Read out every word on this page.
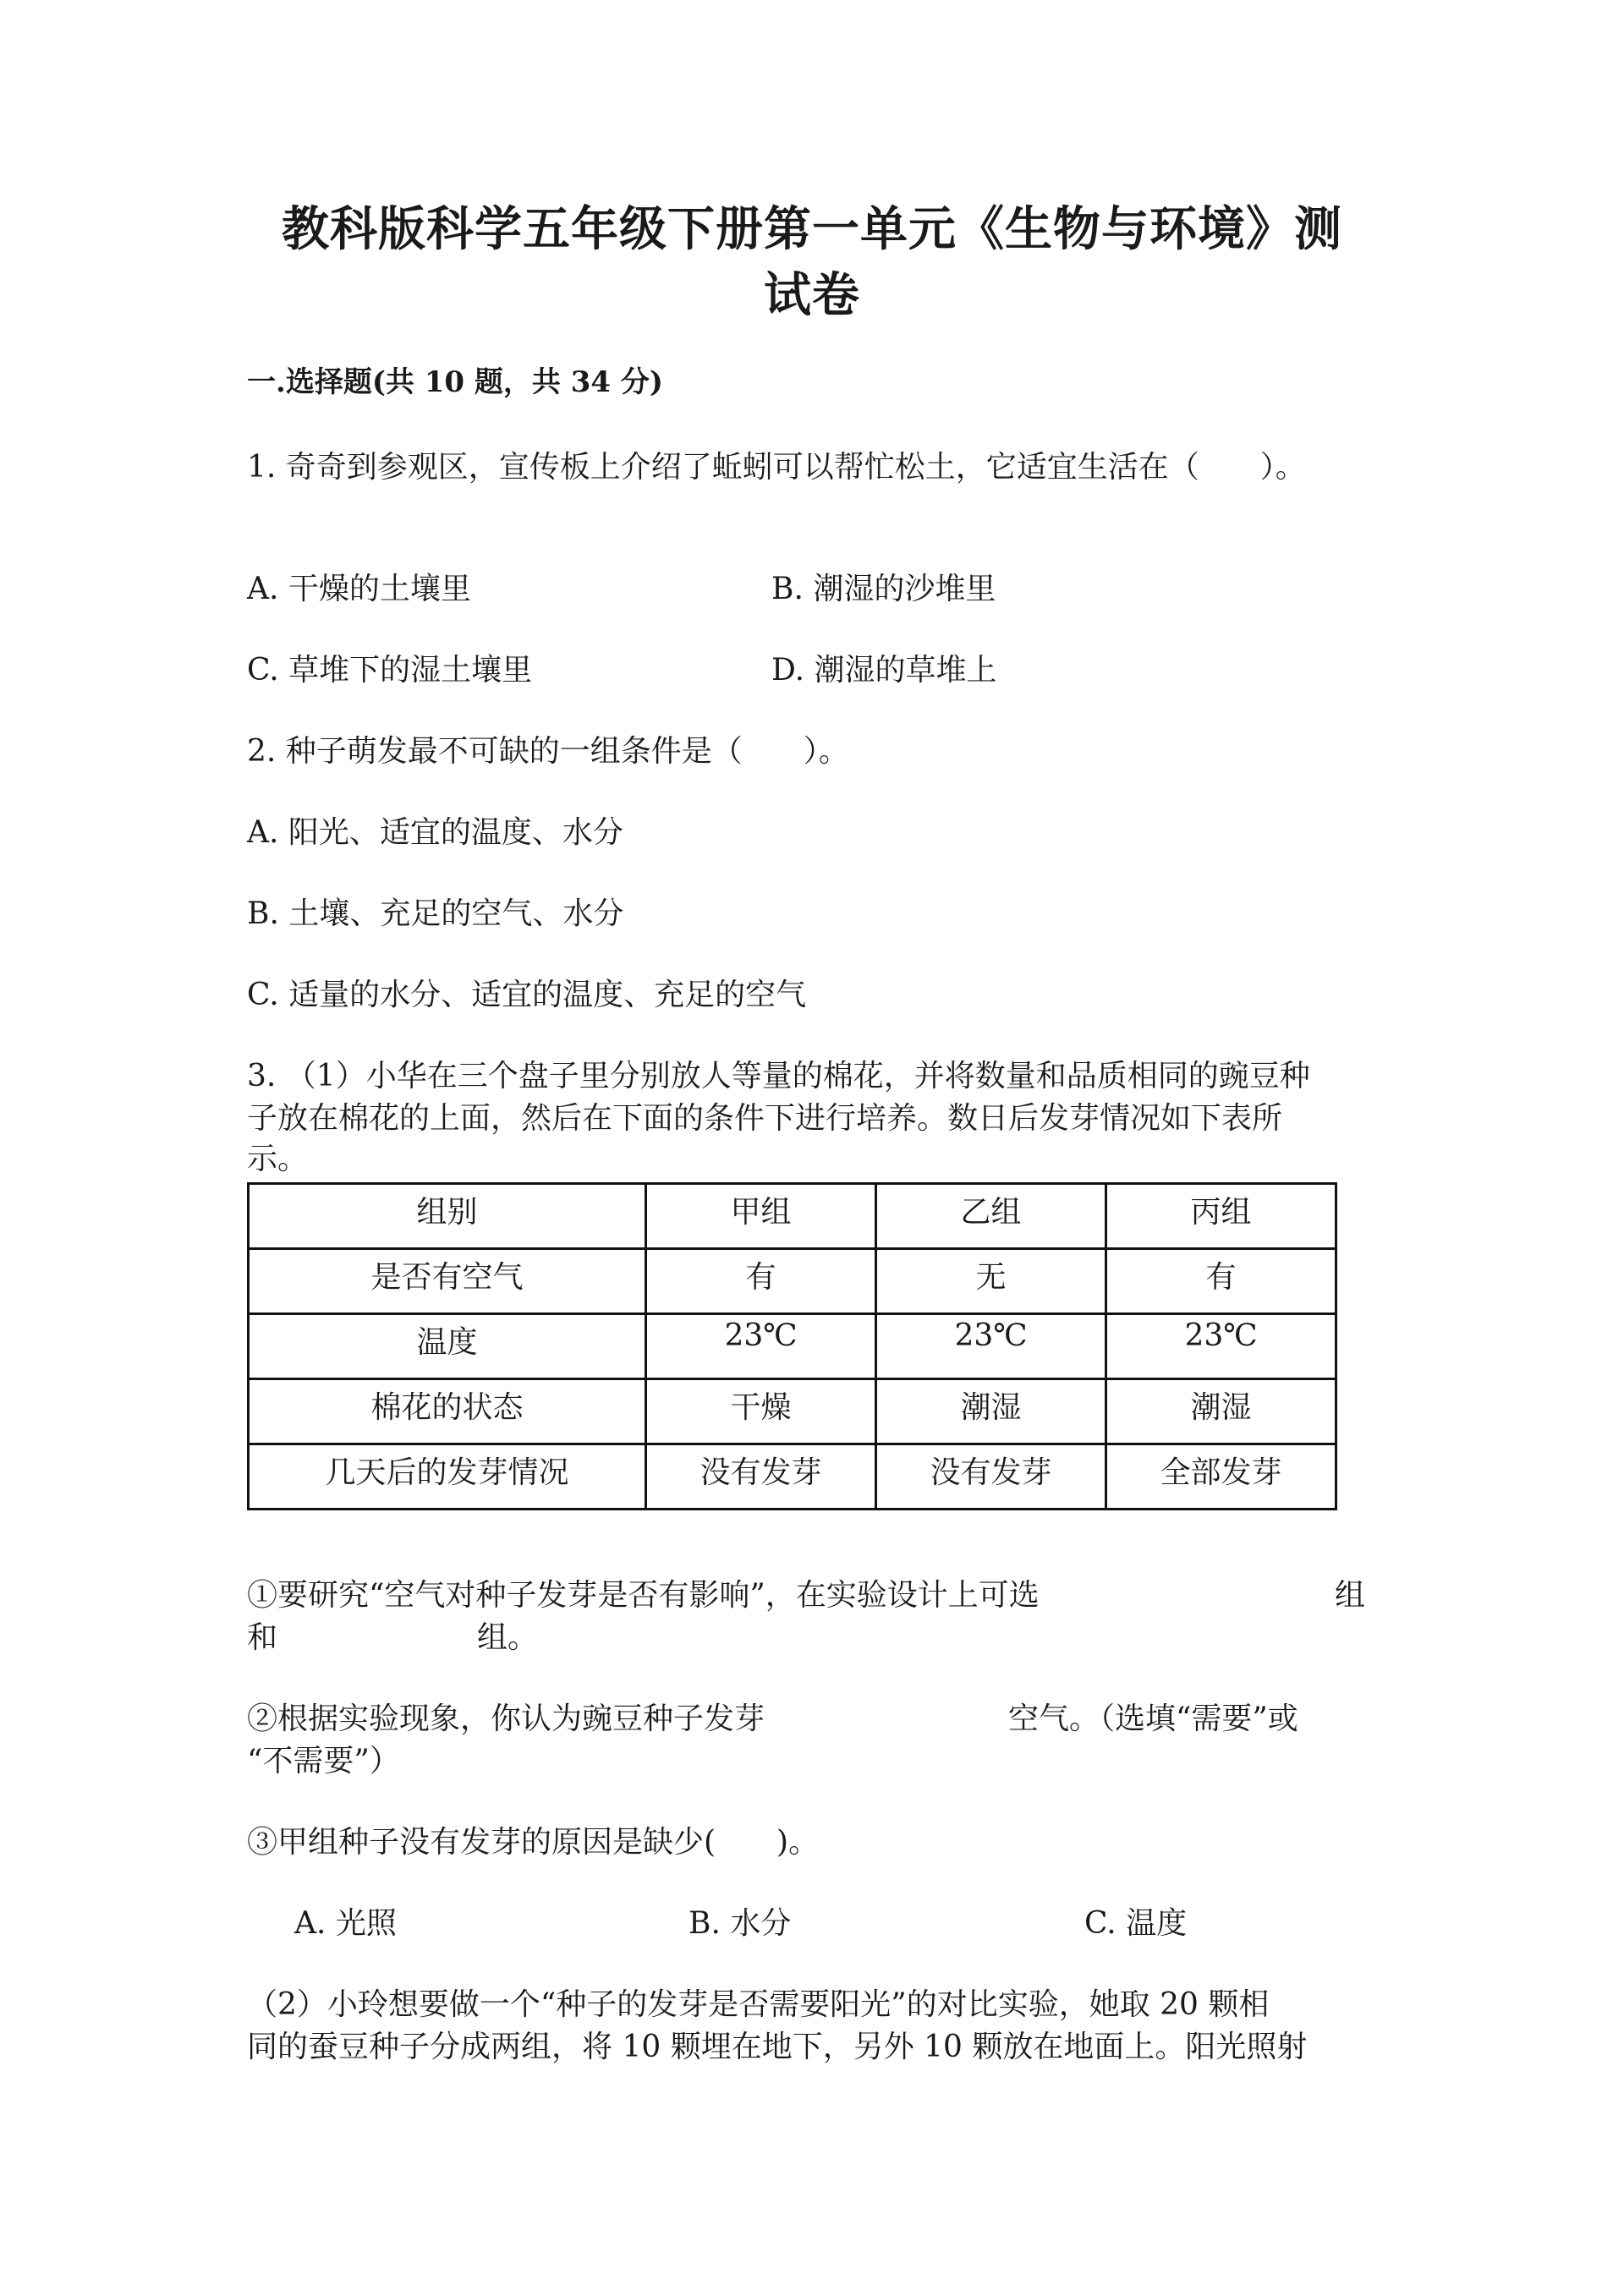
教科版科学五年级下册第一单元《生物与环境》测
试卷
一.选择题(共 10 题，共 34 分)
1. 奇奇到参观区，宣传板上介绍了蚯蚓可以帮忙松土，它适宜生活在（　　）。
A. 干燥的土壤里	B. 潮湿的沙堆里
C. 草堆下的湿土壤里	D. 潮湿的草堆上
2. 种子萌发最不可缺的一组条件是（　　）。
A. 阳光、适宜的温度、水分
B. 土壤、充足的空气、水分
C. 适量的水分、适宜的温度、充足的空气
3. （1）小华在三个盘子里分别放人等量的棉花，并将数量和品质相同的豌豆种
子放在棉花的上面，然后在下面的条件下进行培养。数日后发芽情况如下表所
示。
组别	甲组	乙组	丙组
是否有空气	有	无	有
温度	23℃	23℃	23℃
棉花的状态	干燥	潮湿	潮湿
几天后的发芽情况	没有发芽	没有发芽	全部发芽
①要研究“空气对种子发芽是否有影响”，在实验设计上可选	组
和	组。
②根据实验现象，你认为豌豆种子发芽	空气。（选填“需要”或
“不需要”）
③甲组种子没有发芽的原因是缺少(　　)。
A. 光照	B. 水分	C. 温度
（2）小玲想要做一个“种子的发芽是否需要阳光”的对比实验，她取 20 颗相
同的蚕豆种子分成两组，将 10 颗埋在地下，另外 10 颗放在地面上。阳光照射
